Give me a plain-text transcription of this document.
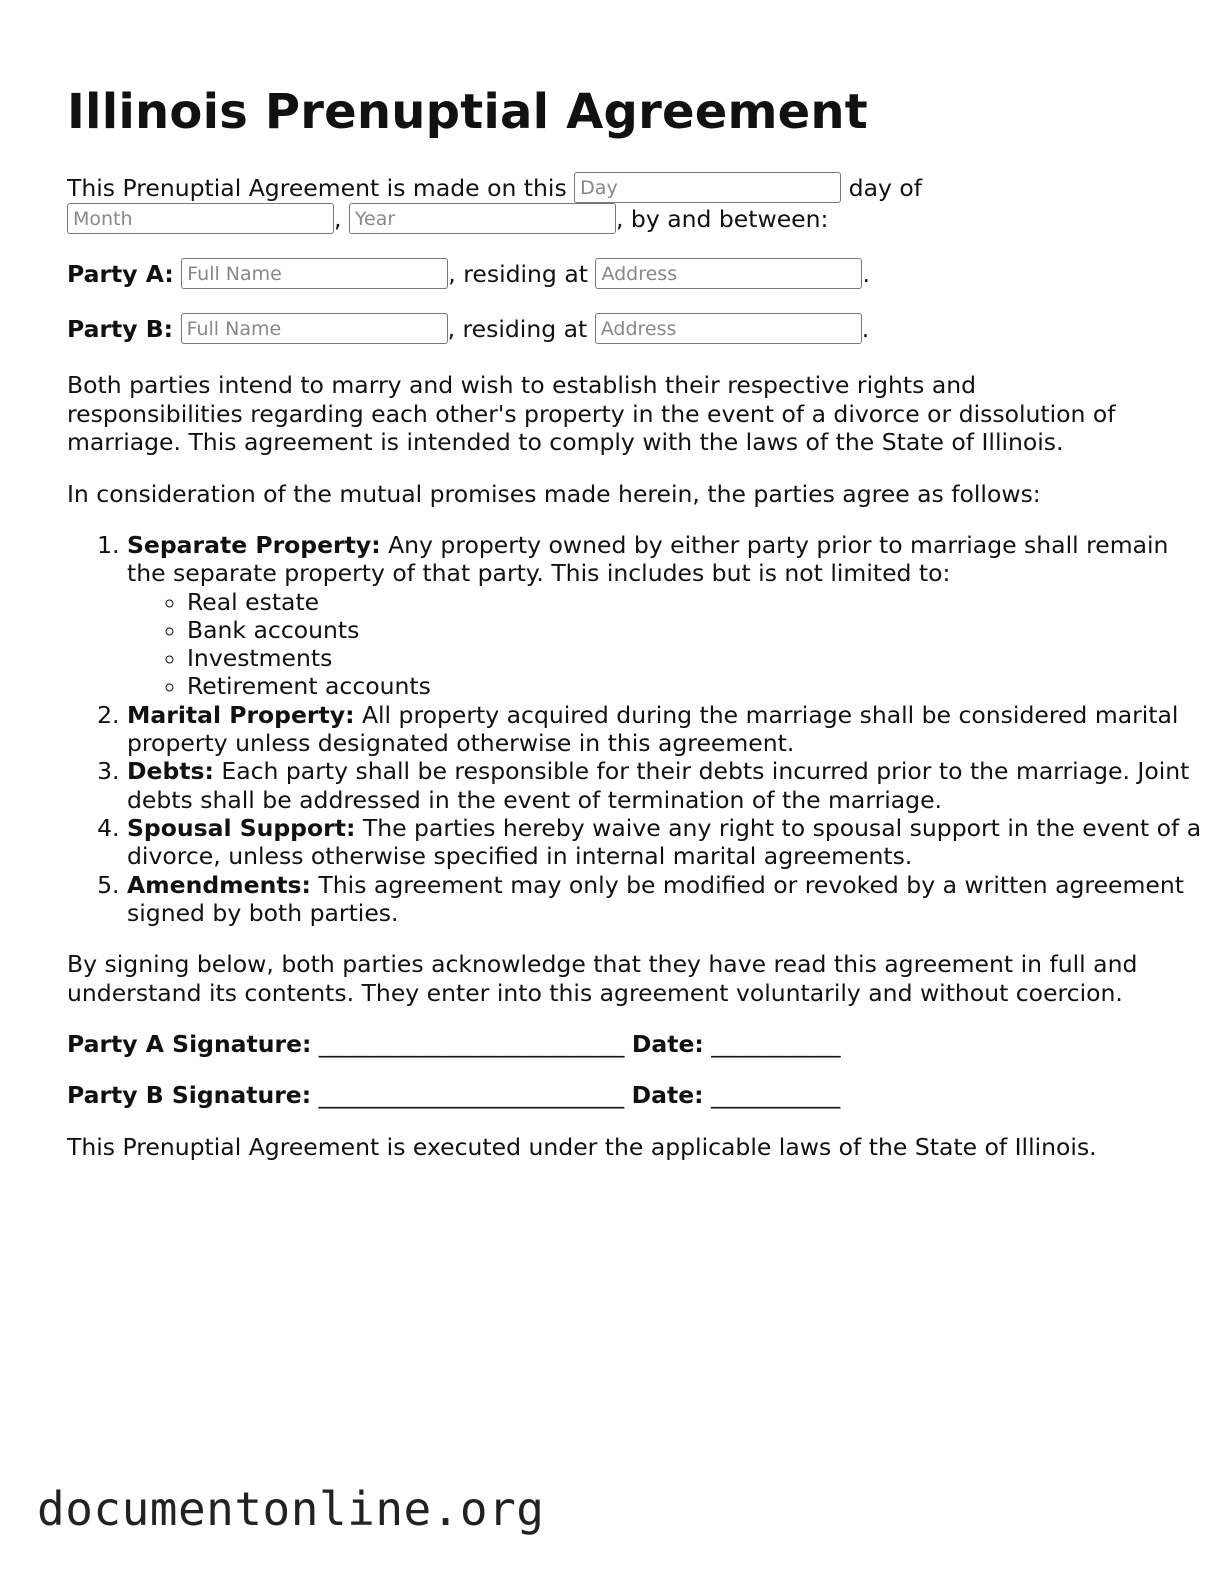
Illinois Prenuptial Agreement

This Prenuptial Agreement is made on this Day	day of

Month, Year	, by and between:

Party A: Full Name	, residing at Address	.

Party B: Full Name	, residing at Address	.

Both parties intend to marry and wish to establish their respective rights and responsibilities regarding each other's property in the event of a divorce or dissolution of marriage. This agreement is intended to comply with the laws of the State of Illinois.

In consideration of the mutual promises made herein, the parties agree as follows:

1. Separate Property: Any property owned by either party prior to marriage shall remain the separate property of that party. This includes but is not limited to:
◦ Real estate
◦ Bank accounts
◦ Investments
◦ Retirement accounts
2. Marital Property: All property acquired during the marriage shall be considered marital property unless designated otherwise in this agreement.
3. Debts: Each party shall be responsible for their debts incurred prior to the marriage. Joint debts shall be addressed in the event of termination of the marriage.
4. Spousal Support: The parties hereby waive any right to spousal support in the event of a divorce, unless otherwise specified in internal marital agreements.
5. Amendments: This agreement may only be modified or revoked by a written agreement signed by both parties.

By signing below, both parties acknowledge that they have read this agreement in full and understand its contents. They enter into this agreement voluntarily and without coercion.

Party A Signature: __________________________ Date: ___________

Party B Signature: __________________________ Date: ___________

This Prenuptial Agreement is executed under the applicable laws of the State of Illinois.

documentonline.org
